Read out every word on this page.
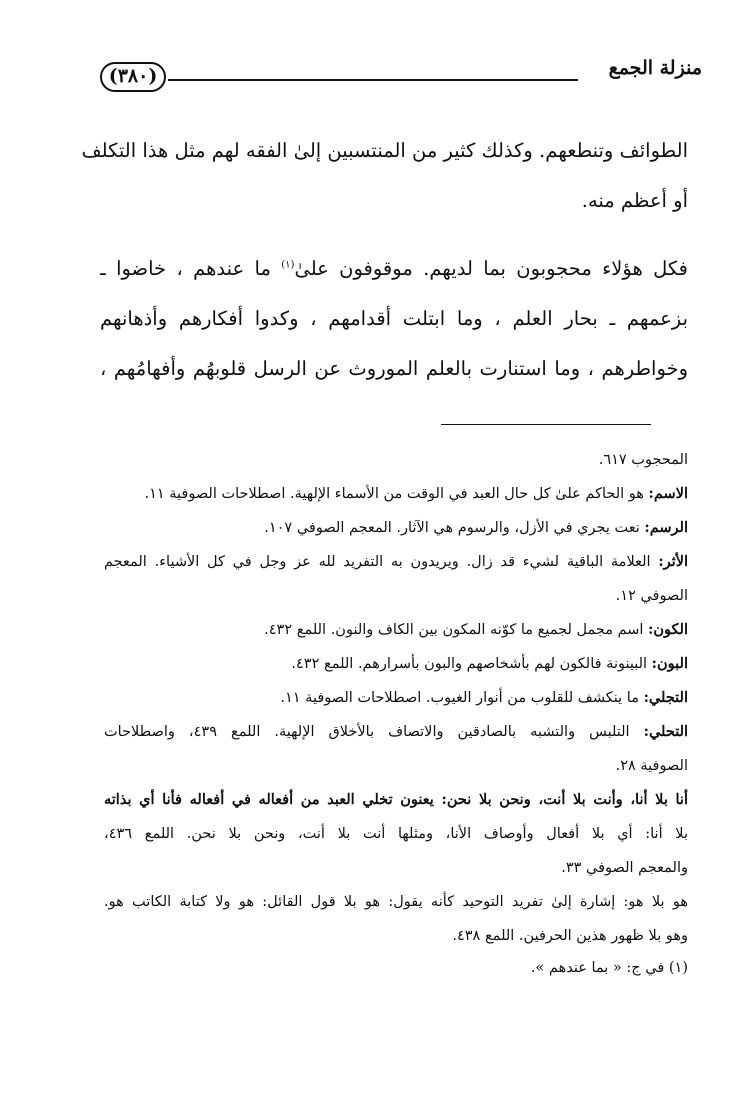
منزلة الجمع
(٣٨٠)
الطوائف وتنطعهم. وكذلك كثير من المنتسبين إلىٰ الفقه لهم مثل هذا التكلف
أو أعظم منه.
فكل هؤلاء محجوبون بما لديهم. موقوفون علىٰ$^{(١)}$ ما عندهم ، خاضوا ـ
بزعمهم ـ بحار العلم ، وما ابتلت أقدامهم ، وكدوا أفكارهم وأذهانهم
وخواطرهم ، وما استنارت بالعلم الموروث عن الرسل قلوبهُم وأفهامُهم ،
المحجوب ٦١٧.
الاسم: هو الحاكم علىٰ كل حال العبد في الوقت من الأسماء الإلهية. اصطلاحات الصوفية ١١.
الرسم: نعت يجري في الأزل، والرسوم هي الآثار. المعجم الصوفي ١٠٧.
الأثر: العلامة الباقية لشيء قد زال. ويريدون به التفريد لله عز وجل في كل الأشياء. المعجم
الصوفي ١٢.
الكون: اسم مجمل لجميع ما كوّنه المكون بين الكاف والنون. اللمع ٤٣٢.
البون: البينونة فالكون لهم بأشخاصهم والبون بأسرارهم. اللمع ٤٣٢.
التجلي: ما ينكشف للقلوب من أنوار الغيوب. اصطلاحات الصوفية ١١.
التحلي: التلبس والتشبه بالصادقين والاتصاف بالأخلاق الإلهية. اللمع ٤٣٩، واصطلاحات
الصوفية ٢٨.
أنا بلا أنا، وأنت بلا أنت، ونحن بلا نحن: يعنون تخلي العبد من أفعاله في أفعاله فأنا أي بذاته
بلا أنا: أي بلا أفعال وأوصاف الأنا، ومثلها أنت بلا أنت، ونحن بلا نحن. اللمع ٤٣٦،
والمعجم الصوفي ٣٣.
هو بلا هو: إشارة إلىٰ تفريد التوحيد كأنه يقول: هو بلا قول القائل: هو ولا كتابة الكاتب هو.
وهو بلا ظهور هذين الحرفين. اللمع ٤٣٨.
(١) في ج: « بما عندهم ».
